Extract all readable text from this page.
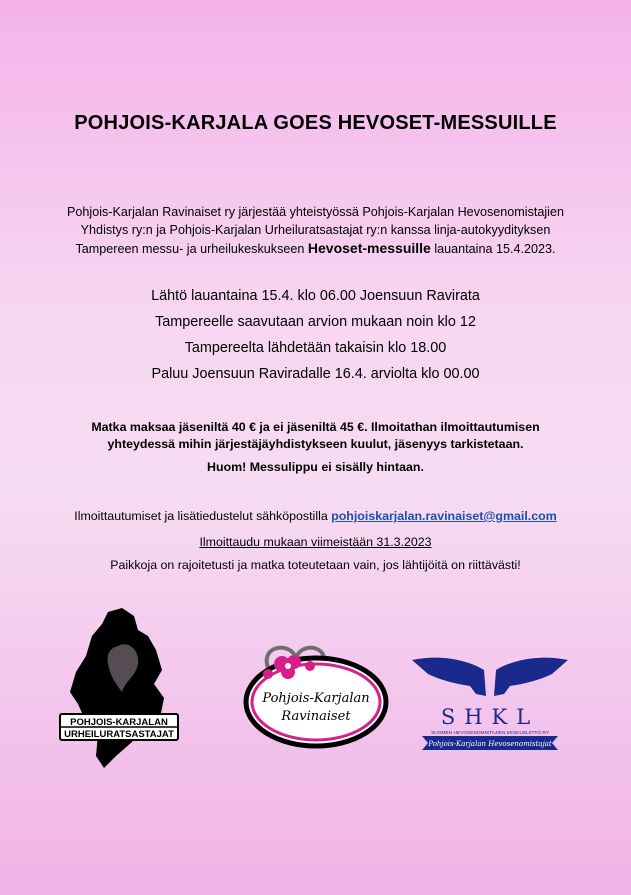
POHJOIS-KARJALA GOES HEVOSET-MESSUILLE
Pohjois-Karjalan Ravinaiset ry järjestää yhteistyössä Pohjois-Karjalan Hevosenomistajien
Yhdistys ry:n ja Pohjois-Karjalan Urheiluratsastajat ry:n kanssa linja-autokyydityksen
Tampereen messu- ja urheilukeskukseen Hevoset-messuille lauantaina 15.4.2023.
Lähtö lauantaina 15.4. klo 06.00 Joensuun Ravirata
Tampereelle saavutaan arvion mukaan noin klo 12
Tampereelta lähdetään takaisin klo 18.00
Paluu Joensuun Raviradalle 16.4. arviolta klo 00.00
Matka maksaa jäseniltä 40 € ja ei jäseniltä 45 €. Ilmoitathan ilmoittautumisen
yhteydessä mihin järjestäjäyhdistykseen kuulut, jäsenyys tarkistetaan.
Huom! Messulippu ei sisälly hintaan.
Ilmoittautumiset ja lisätiedustelut sähköpostilla pohjoiskarjalan.ravinaiset@gmail.com
Ilmoittaudu mukaan viimeistään 31.3.2023
Paikkoja on rajoitetusti ja matka toteutetaan vain, jos lähtijöitä on riittävästi!
POHJOIS-KARJALAN
URHEILURATSASTAJAT
Pohjois-Karjalan
Ravinaiset	SHKL
SUOMEN HEVOSENOMISTAJIEN KESKUSLIITTO RY
Pohjois-Karjalan Hevosenomistajat
